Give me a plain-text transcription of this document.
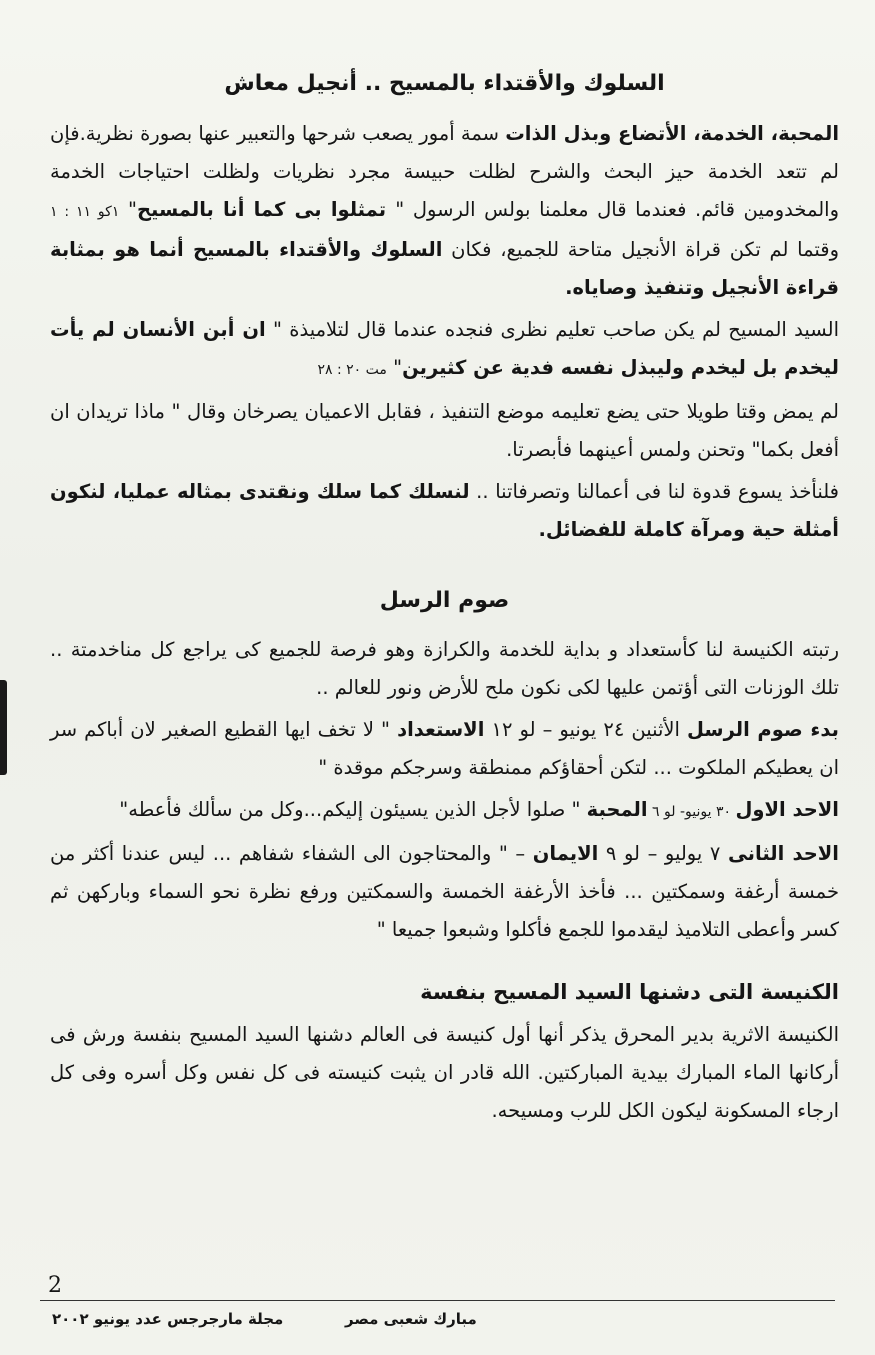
السلوك والأقتداء بالمسيح .. أنجيل معاش

المحبة، الخدمة، الأتضاع وبذل الذات سمة أمور يصعب شرحها والتعبير عنها بصورة نظرية.فإن لم تتعد الخدمة حيز البحث والشرح لظلت حبيسة مجرد نظريات ولظلت احتياجات الخدمة والمخدومين قائم. فعندما قال معلمنا بولس الرسول " تمثلوا بى كما أنا بالمسيح" ١كو ١١ : ١ وقتما لم تكن قراة الأنجيل متاحة للجميع، فكان السلوك والأقتداء بالمسيح أنما هو بمثابة قراءة الأنجيل وتنفيذ وصاياه.

السيد المسيح لم يكن صاحب تعليم نظرى فنجده عندما قال لتلاميذة " ان أبن الأنسان لم يأت ليخدم بل ليخدم وليبذل نفسه فدية عن كثيرين" مت ٢٠ : ٢٨

لم يمض وقتا طويلا حتى يضع تعليمه موضع التنفيذ ، فقابل الاعميان يصرخان وقال " ماذا تريدان ان أفعل بكما" وتحنن ولمس أعينهما فأبصرتا.

فلنأخذ يسوع قدوة لنا فى أعمالنا وتصرفاتنا .. لنسلك كما سلك ونقتدى بمثاله عمليا، لنكون أمثلة حية ومرآة كاملة للفضائل.

صوم الرسل

رتبته الكنيسة لنا كأستعداد و بداية للخدمة والكرازة وهو فرصة للجميع كى يراجع كل مناخدمتة .. تلك الوزنات التى أؤتمن عليها لكى نكون ملح للأرض ونور للعالم ..

بدء صوم الرسل الأثنين ٢٤ يونيو – لو ١٢ الاستعداد " لا تخف ايها القطيع الصغير لان أباكم سر ان يعطيكم الملكوت ... لتكن أحقاؤكم ممنطقة وسرجكم موقدة "

الاحد الاول ٣٠ يونيو- لو ٦ المحبة " صلوا لأجل الذين يسيئون إليكم...وكل من سألك فأعطه"

الاحد الثانى ٧ يوليو – لو ٩ الايمان – " والمحتاجون الى الشفاء شفاهم ... ليس عندنا أكثر من خمسة أرغفة وسمكتين ... فأخذ الأرغفة الخمسة والسمكتين ورفع نظرة نحو السماء وباركهن ثم كسر وأعطى التلاميذ ليقدموا للجمع فأكلوا وشبعوا جميعا "

الكنيسة التى دشنها السيد المسيح بنفسة

الكنيسة الاثرية بدير المحرق يذكر أنها أول كنيسة فى العالم دشنها السيد المسيح بنفسة ورش فى أركانها الماء المبارك بيدية المباركتين. الله قادر ان يثبت كنيسته فى كل نفس وكل أسره وفى كل ارجاء المسكونة ليكون الكل للرب ومسيحه.

2
مجلة مارجرجس عدد يونيو ٢٠٠٢	مبارك شعبى مصر
